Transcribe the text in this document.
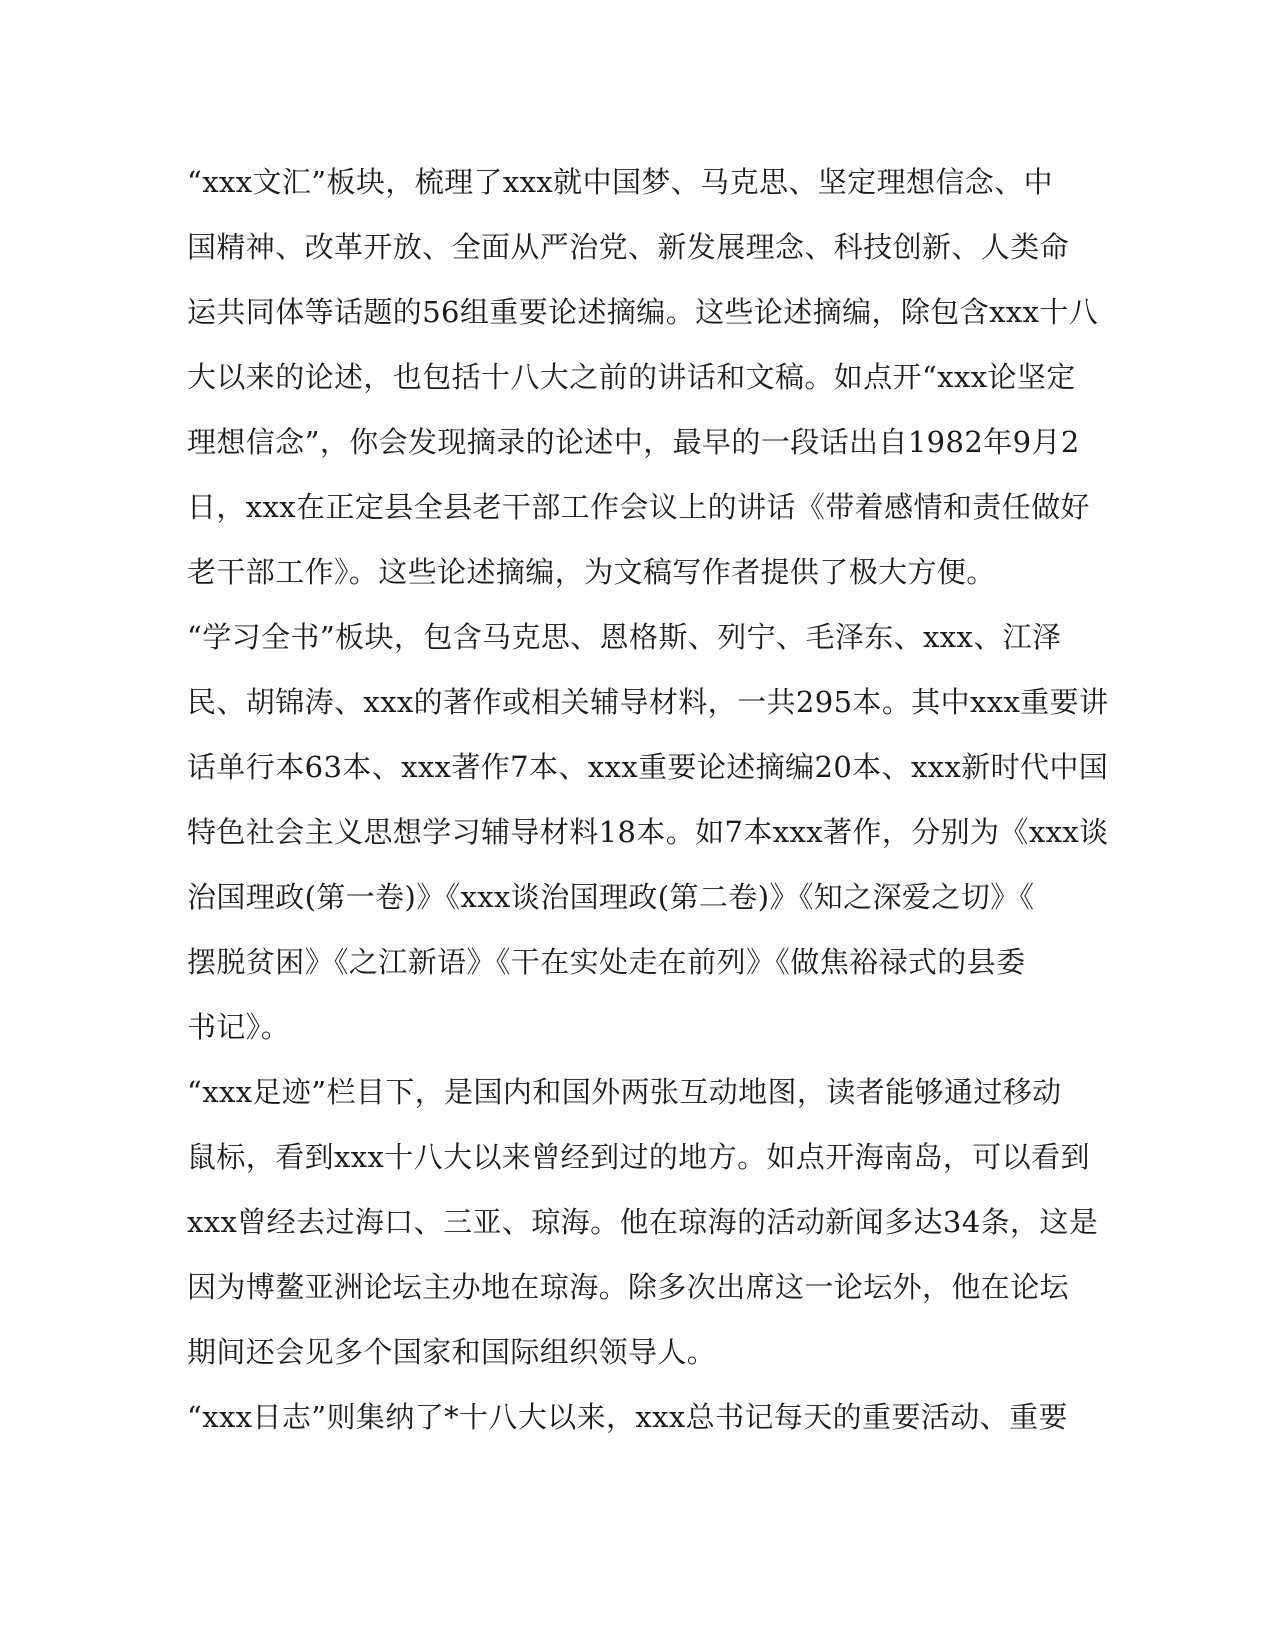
“xxx文汇”板块，梳理了xxx就中国梦、马克思、坚定理想信念、中
国精神、改革开放、全面从严治党、新发展理念、科技创新、人类命
运共同体等话题的56组重要论述摘编。这些论述摘编，除包含xxx十八
大以来的论述，也包括十八大之前的讲话和文稿。如点开“xxx论坚定
理想信念”，你会发现摘录的论述中，最早的一段话出自1982年9月2
日，xxx在正定县全县老干部工作会议上的讲话《带着感情和责任做好
老干部工作》。这些论述摘编，为文稿写作者提供了极大方便。
“学习全书”板块，包含马克思、恩格斯、列宁、毛泽东、xxx、江泽
民、胡锦涛、xxx的著作或相关辅导材料，一共295本。其中xxx重要讲
话单行本63本、xxx著作7本、xxx重要论述摘编20本、xxx新时代中国
特色社会主义思想学习辅导材料18本。如7本xxx著作，分别为《xxx谈
治国理政(第一卷)》《xxx谈治国理政(第二卷)》《知之深爱之切》《
摆脱贫困》《之江新语》《干在实处走在前列》《做焦裕禄式的县委
书记》。
“xxx足迹”栏目下，是国内和国外两张互动地图，读者能够通过移动
鼠标，看到xxx十八大以来曾经到过的地方。如点开海南岛，可以看到
xxx曾经去过海口、三亚、琼海。他在琼海的活动新闻多达34条，这是
因为博鳌亚洲论坛主办地在琼海。除多次出席这一论坛外，他在论坛
期间还会见多个国家和国际组织领导人。
“xxx日志”则集纳了*十八大以来，xxx总书记每天的重要活动、重要
